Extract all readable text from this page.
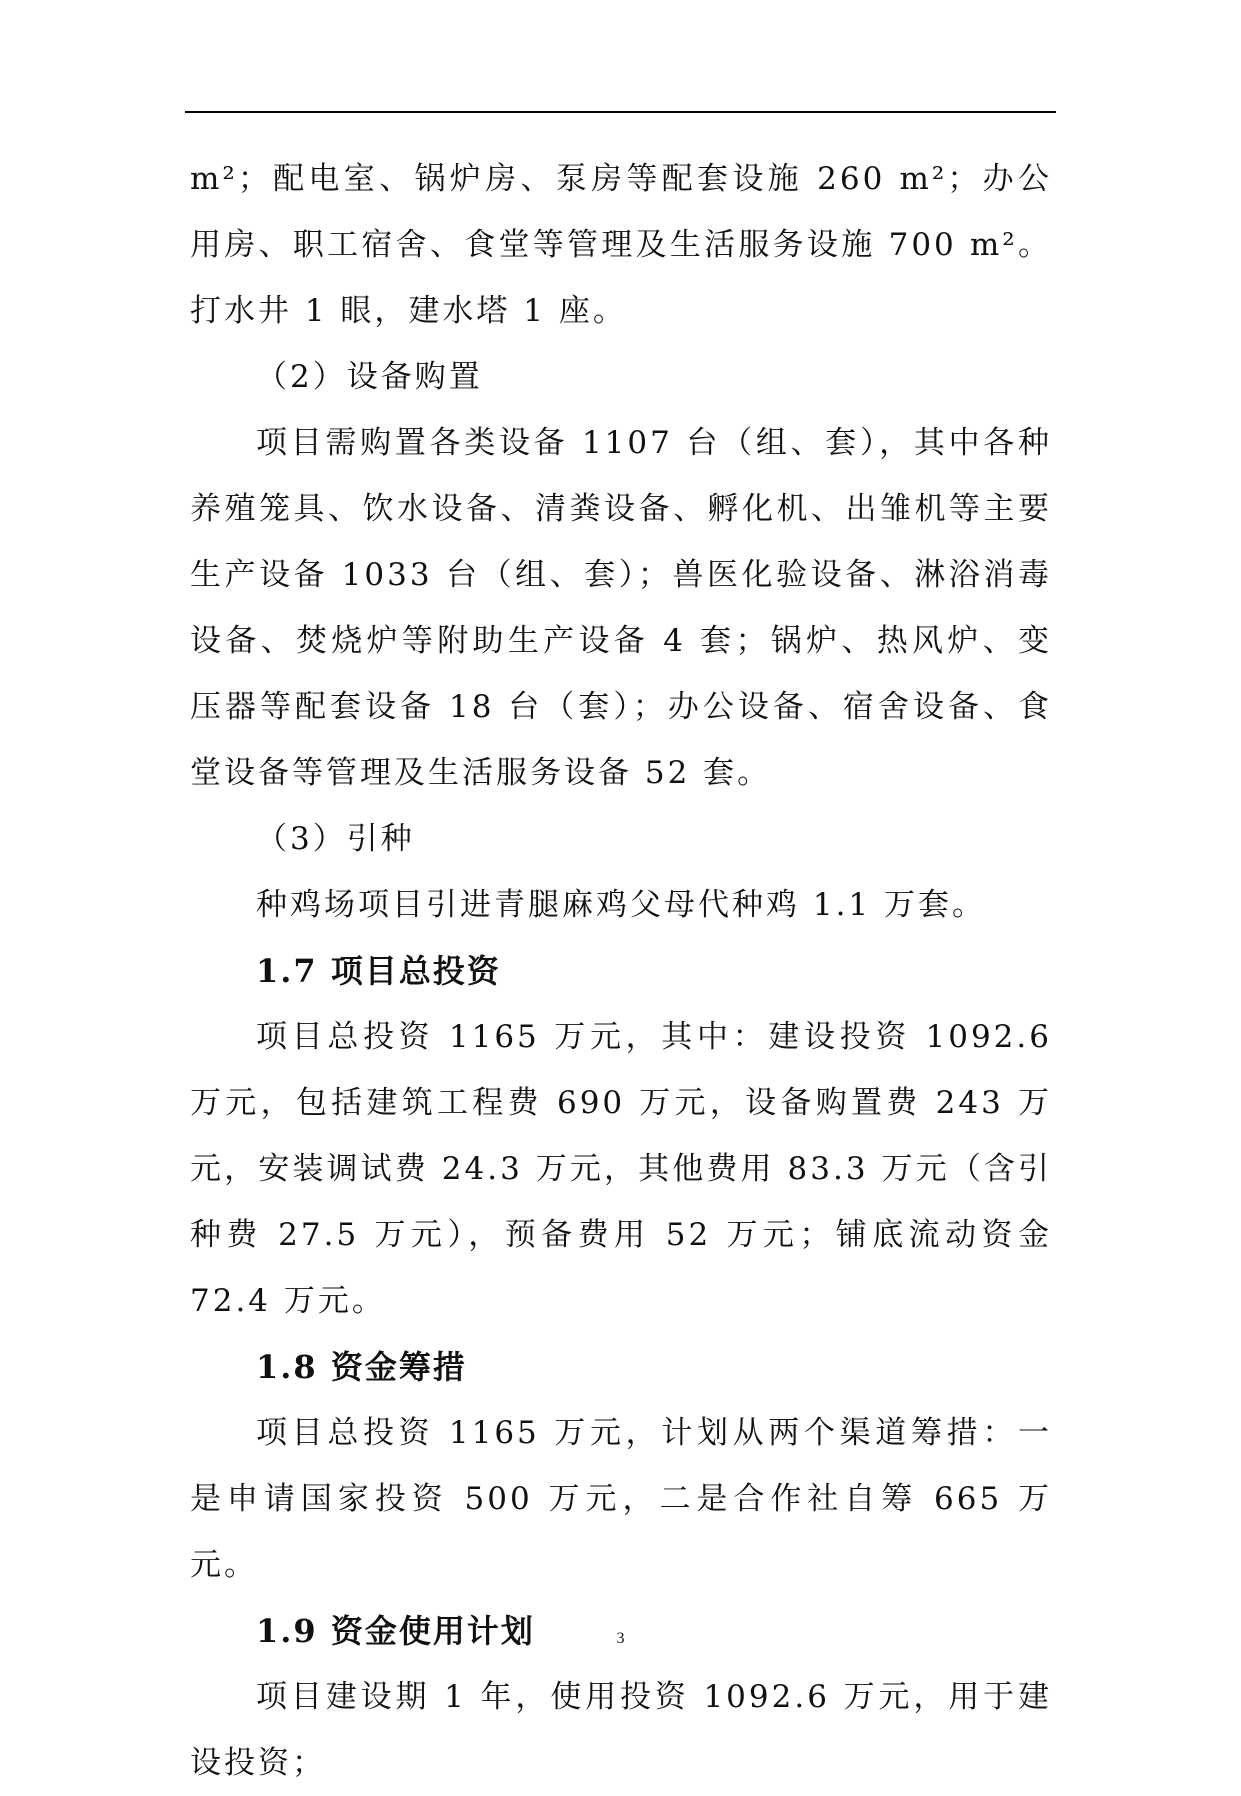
m²；配电室、锅炉房、泵房等配套设施 260 m²；办公用房、职工宿舍、食堂等管理及生活服务设施 700 m²。打水井 1 眼，建水塔 1 座。

（2）设备购置

项目需购置各类设备 1107 台（组、套），其中各种养殖笼具、饮水设备、清粪设备、孵化机、出雏机等主要生产设备 1033 台（组、套）；兽医化验设备、淋浴消毒设备、焚烧炉等附助生产设备 4 套；锅炉、热风炉、变压器等配套设备 18 台（套）；办公设备、宿舍设备、食堂设备等管理及生活服务设备 52 套。

（3）引种

种鸡场项目引进青腿麻鸡父母代种鸡 1.1 万套。

1.7 项目总投资

项目总投资 1165 万元，其中：建设投资 1092.6 万元，包括建筑工程费 690 万元，设备购置费 243 万元，安装调试费 24.3 万元，其他费用 83.3 万元（含引种费 27.5 万元），预备费用 52 万元；铺底流动资金 72.4 万元。

1.8 资金筹措

项目总投资 1165 万元，计划从两个渠道筹措：一是申请国家投资 500 万元，二是合作社自筹 665 万元。

1.9 资金使用计划

项目建设期 1 年，使用投资 1092.6 万元，用于建设投资；

3
